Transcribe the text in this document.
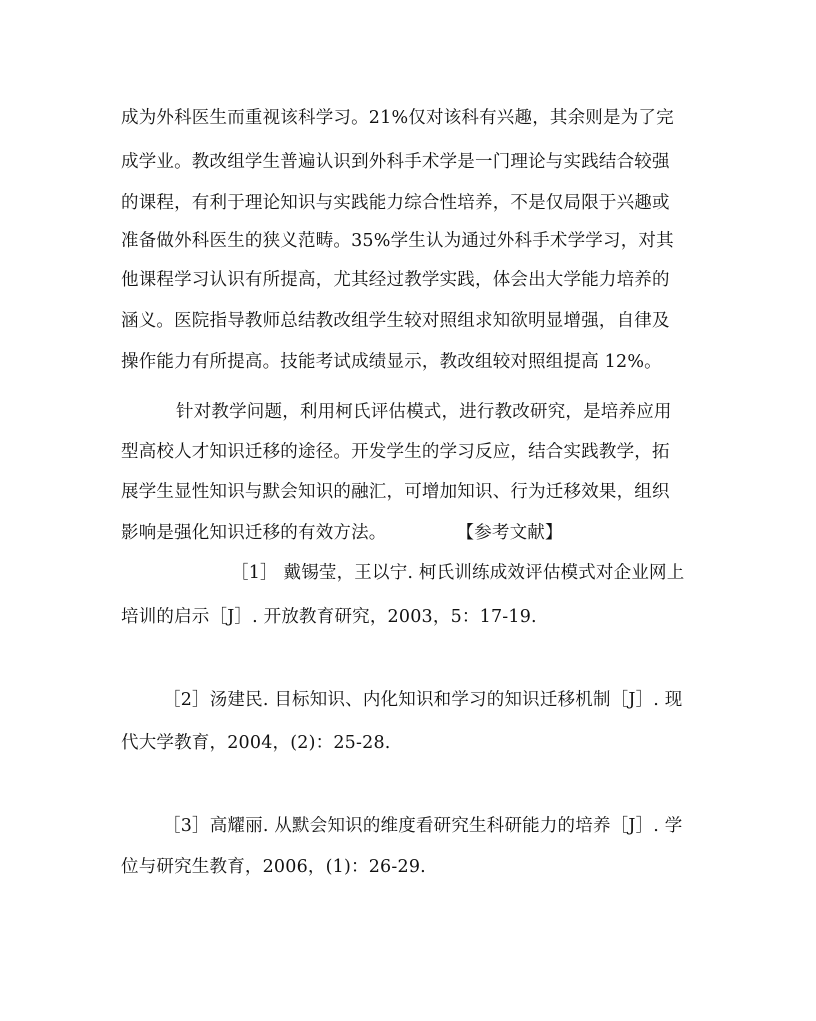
成为外科医生而重视该科学习。21%仅对该科有兴趣，其余则是为了完
成学业。教改组学生普遍认识到外科手术学是一门理论与实践结合较强
的课程，有利于理论知识与实践能力综合性培养，不是仅局限于兴趣或
准备做外科医生的狭义范畴。35%学生认为通过外科手术学学习，对其
他课程学习认识有所提高，尤其经过教学实践，体会出大学能力培养的
涵义。医院指导教师总结教改组学生较对照组求知欲明显增强，自律及
操作能力有所提高。技能考试成绩显示，教改组较对照组提高 12%。
针对教学问题，利用柯氏评估模式，进行教改研究，是培养应用
型高校人才知识迁移的途径。开发学生的学习反应，结合实践教学，拓
展学生显性知识与默会知识的融汇，可增加知识、行为迁移效果，组织
影响是强化知识迁移的有效方法。	【参考文献】
［1］ 戴锡莹，王以宁. 柯氏训练成效评估模式对企业网上
培训的启示［J］. 开放教育研究，2003，5：17-19.
［2］汤建民. 目标知识、内化知识和学习的知识迁移机制［J］. 现
代大学教育，2004，(2)：25-28.
［3］高耀丽. 从默会知识的维度看研究生科研能力的培养［J］. 学
位与研究生教育，2006，(1)：26-29.
